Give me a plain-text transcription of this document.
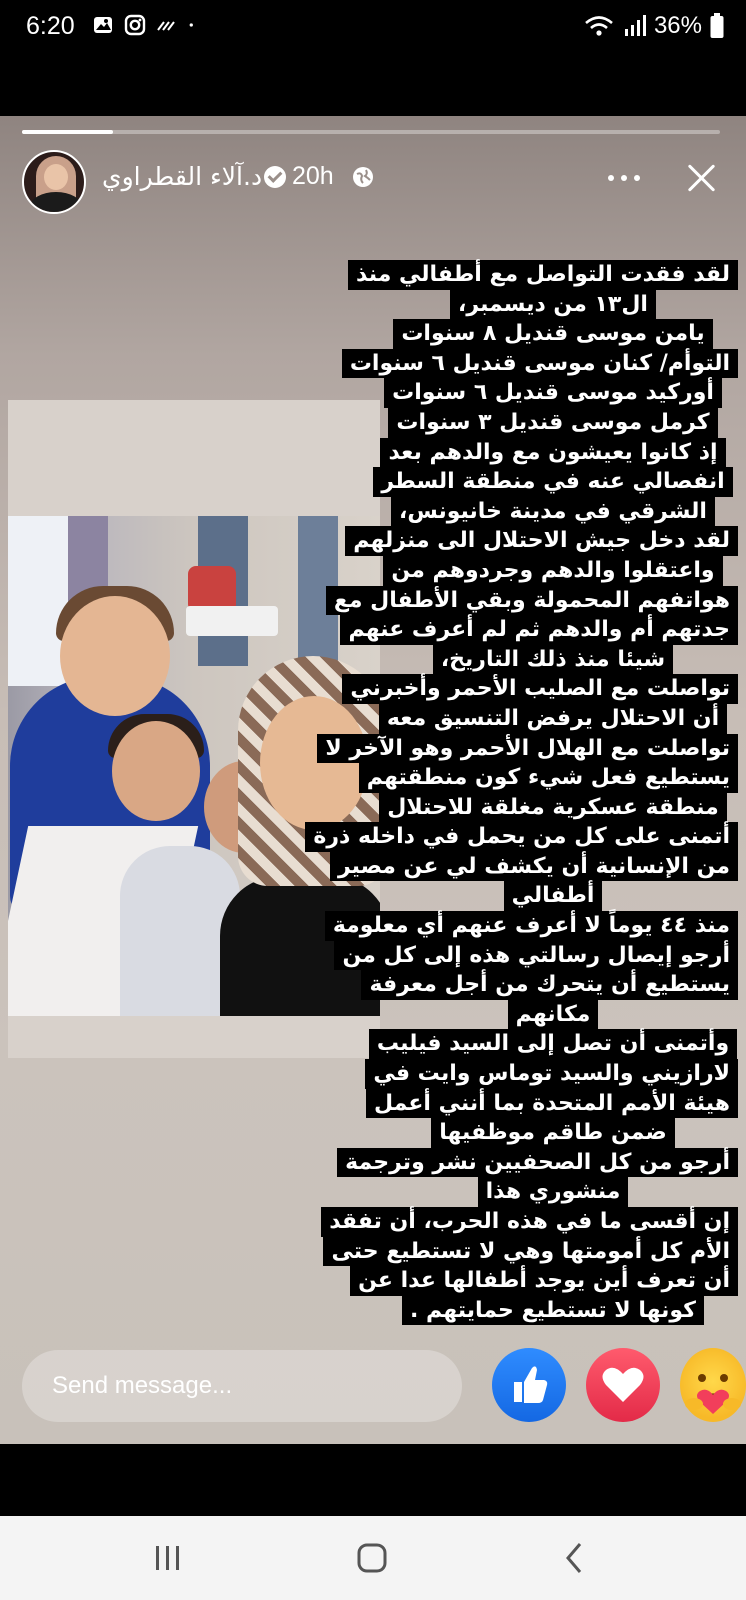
6:20	36%
د.آلاء القطراوي 20h
لقد فقدت التواصل مع أطفالي منذ
ال١٣ من ديسمبر،
يامن موسى قنديل ٨ سنوات
التوأم/ كنان موسى قنديل ٦ سنوات
أوركيد موسى قنديل ٦ سنوات
كرمل موسى قنديل ٣ سنوات
إذ كانوا يعيشون مع والدهم بعد
انفصالي عنه في منطقة السطر
الشرقي في مدينة خانيونس،
لقد دخل جيش الاحتلال الى منزلهم
واعتقلوا والدهم وجردوهم من
هواتفهم المحمولة وبقي الأطفال مع
جدتهم أم والدهم ثم لم أعرف عنهم
شيئا منذ ذلك التاريخ،
تواصلت مع الصليب الأحمر وأخبرني
أن الاحتلال يرفض التنسيق معه
تواصلت مع الهلال الأحمر وهو الآخر لا
يستطيع فعل شيء كون منطقتهم
منطقة عسكرية مغلقة للاحتلال
أتمنى على كل من يحمل في داخله ذرة
من الإنسانية أن يكشف لي عن مصير
أطفالي
منذ ٤٤ يوماً لا أعرف عنهم أي معلومة
أرجو إيصال رسالتي هذه إلى كل من
يستطيع أن يتحرك من أجل معرفة
مكانهم
وأتمنى أن تصل إلى السيد فيليب
لارازيني والسيد توماس وايت في
هيئة الأمم المتحدة بما أنني أعمل
ضمن طاقم موظفيها
أرجو من كل الصحفيين نشر وترجمة
منشوري هذا
إن أقسى ما في هذه الحرب، أن تفقد
الأم كل أمومتها وهي لا تستطيع حتى
أن تعرف أين يوجد أطفالها عدا عن
كونها لا تستطيع حمايتهم .
Send message...
